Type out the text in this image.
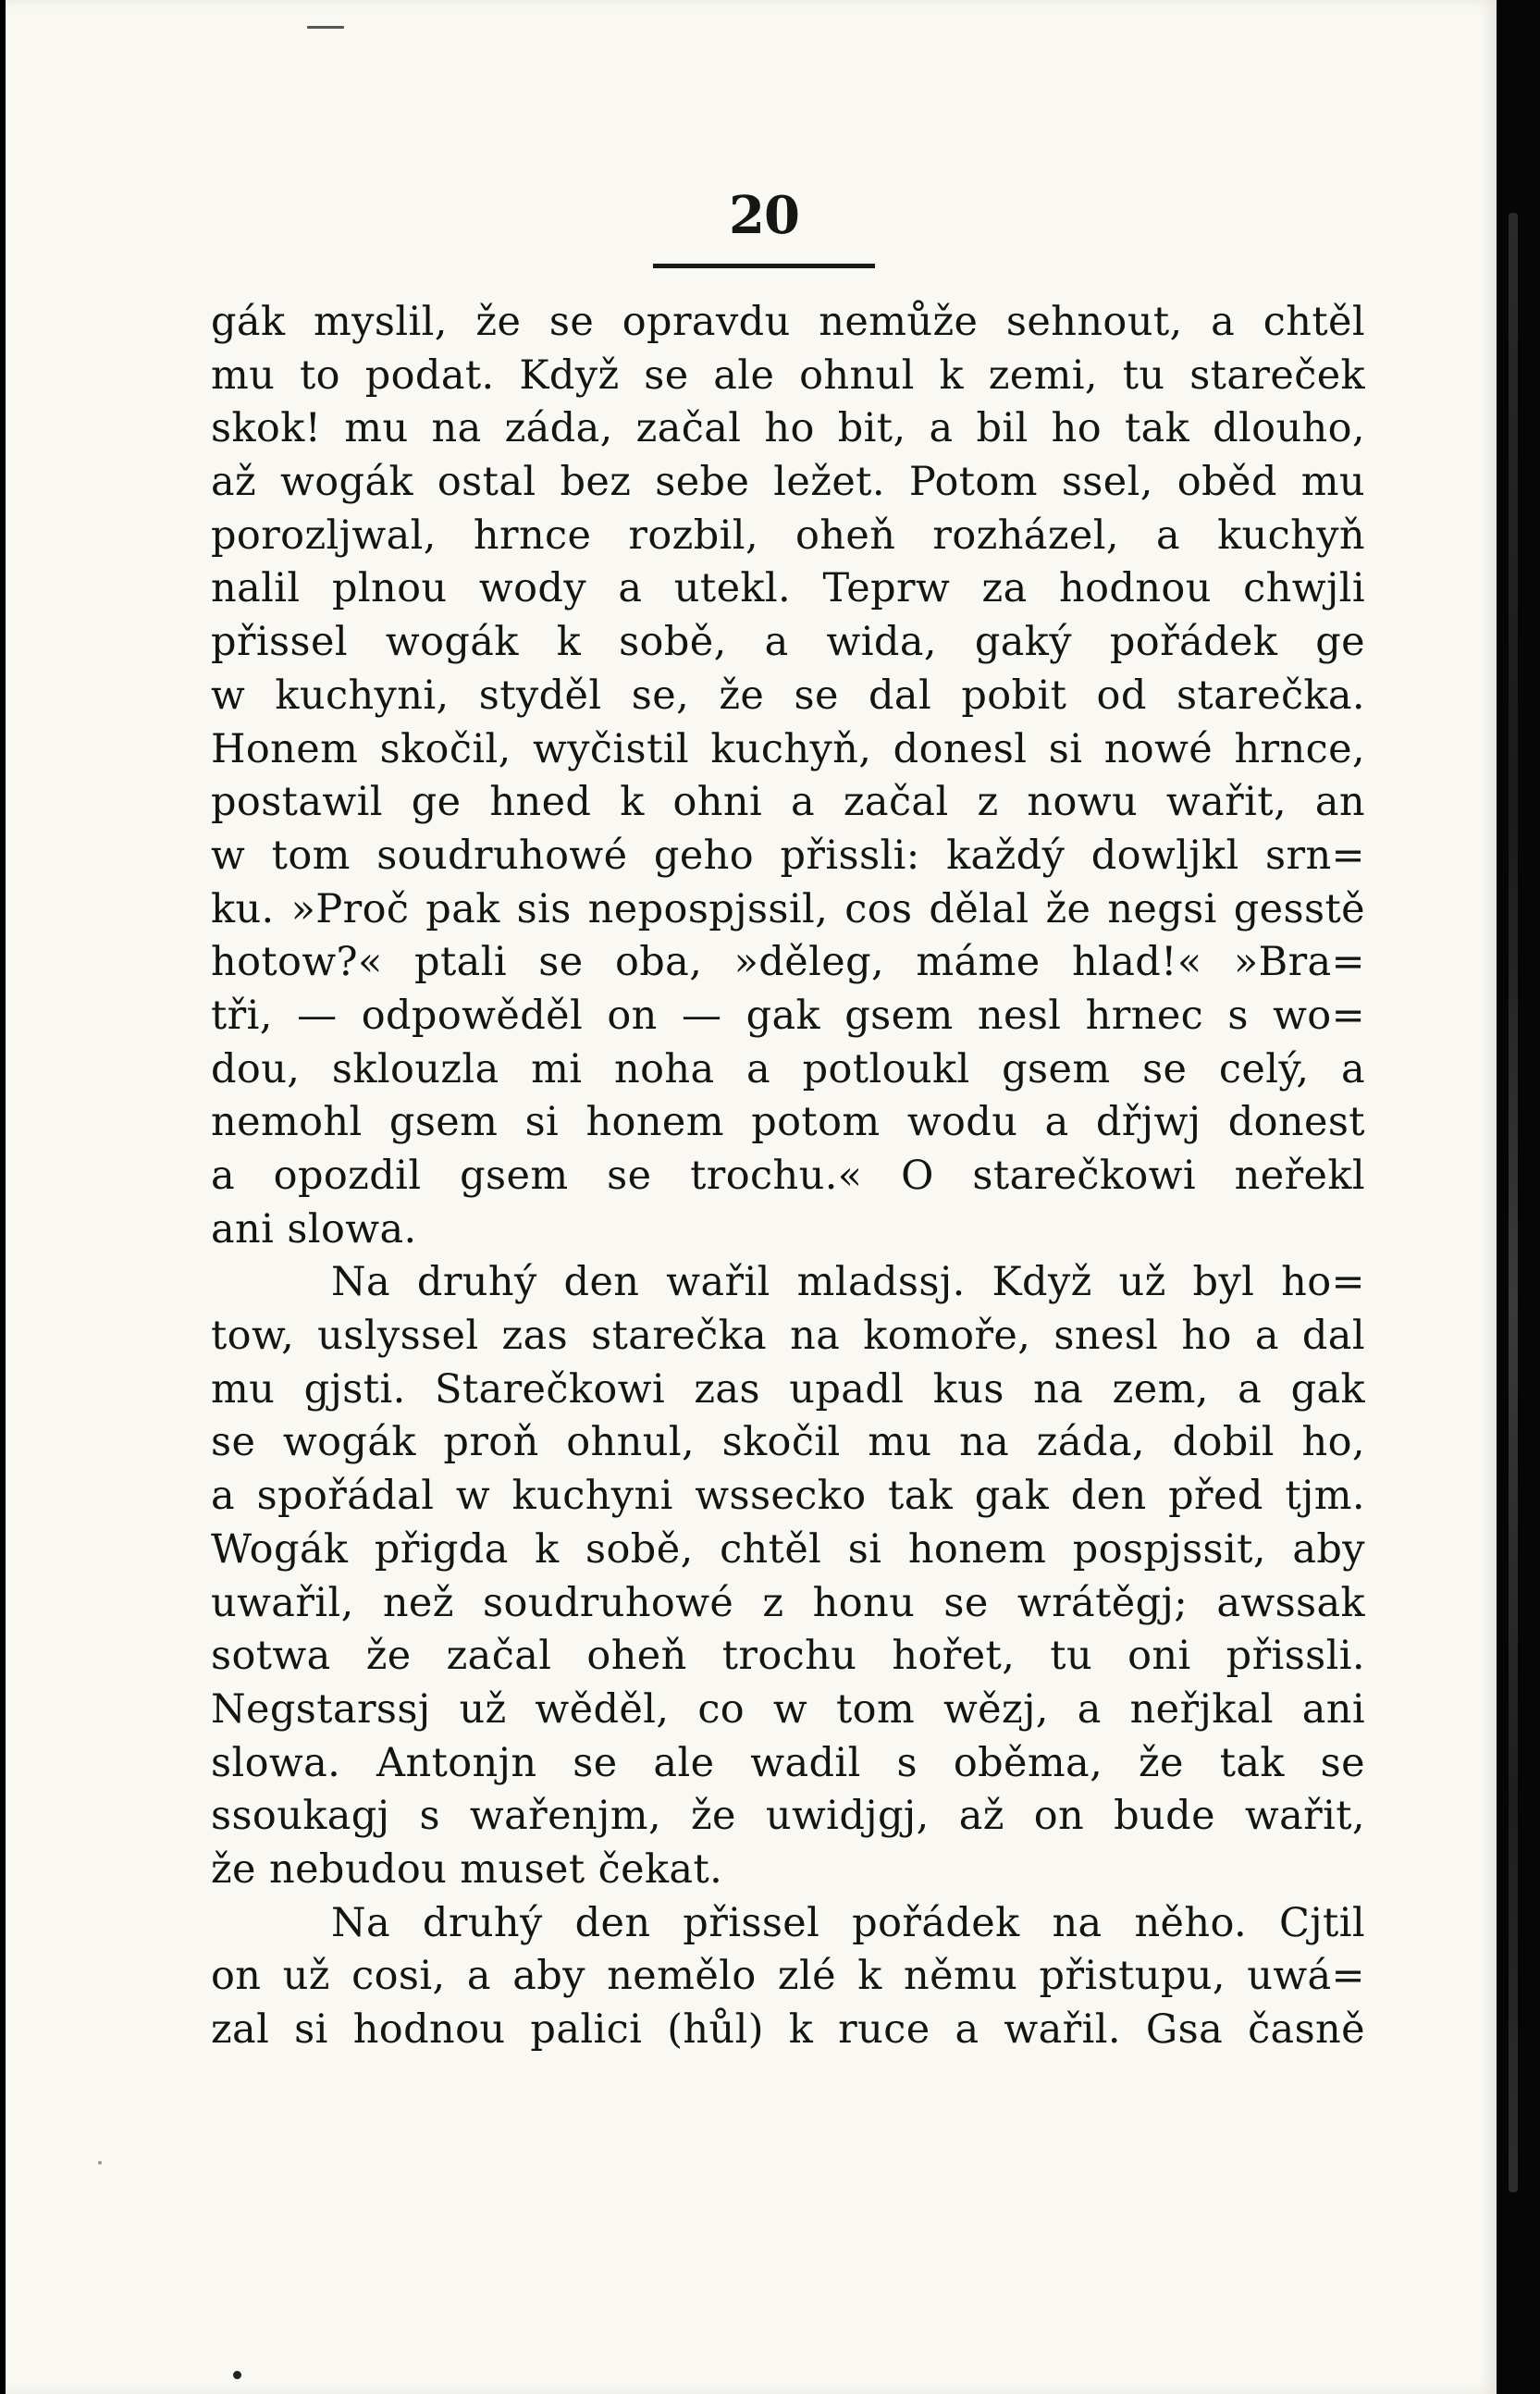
20
gák myslil, že se opravdu nemůže sehnout, a chtěl
mu to podat. Když se ale ohnul k zemi, tu stareček
skok! mu na záda, začal ho bit, a bil ho tak dlouho,
až wogák ostal bez sebe ležet. Potom ssel, oběd mu
porozljwal, hrnce rozbil, oheň rozházel, a kuchyň
nalil plnou wody a utekl. Teprw za hodnou chwjli
přissel wogák k sobě, a wida, gaký pořádek ge
w kuchyni, styděl se, že se dal pobit od starečka.
Honem skočil, wyčistil kuchyň, donesl si nowé hrnce,
postawil ge hned k ohni a začal z nowu wařit, an
w tom soudruhowé geho přissli: každý dowljkl srn=
ku. »Proč pak sis nepospjssil, cos dělal že negsi gesstě
hotow?« ptali se oba, »děleg, máme hlad!« »Bra=
tři, — odpowěděl on — gak gsem nesl hrnec s wo=
dou, sklouzla mi noha a potloukl gsem se celý, a
nemohl gsem si honem potom wodu a dřjwj donest
a opozdil gsem se trochu.« O starečkowi neřekl
ani slowa.
Na druhý den wařil mladssj. Když už byl ho=
tow, uslyssel zas starečka na komoře, snesl ho a dal
mu gjsti. Starečkowi zas upadl kus na zem, a gak
se wogák proň ohnul, skočil mu na záda, dobil ho,
a spořádal w kuchyni wssecko tak gak den před tjm.
Wogák přigda k sobě, chtěl si honem pospjssit, aby
uwařil, než soudruhowé z honu se wrátěgj; awssak
sotwa že začal oheň trochu hořet, tu oni přissli.
Negstarssj už wěděl, co w tom wězj, a neřjkal ani
slowa. Antonjn se ale wadil s oběma, že tak se
ssoukagj s wařenjm, že uwidjgj, až on bude wařit,
že nebudou muset čekat.
Na druhý den přissel pořádek na něho. Cjtil
on už cosi, a aby nemělo zlé k němu přistupu, uwá=
zal si hodnou palici (hůl) k ruce a wařil. Gsa časně
